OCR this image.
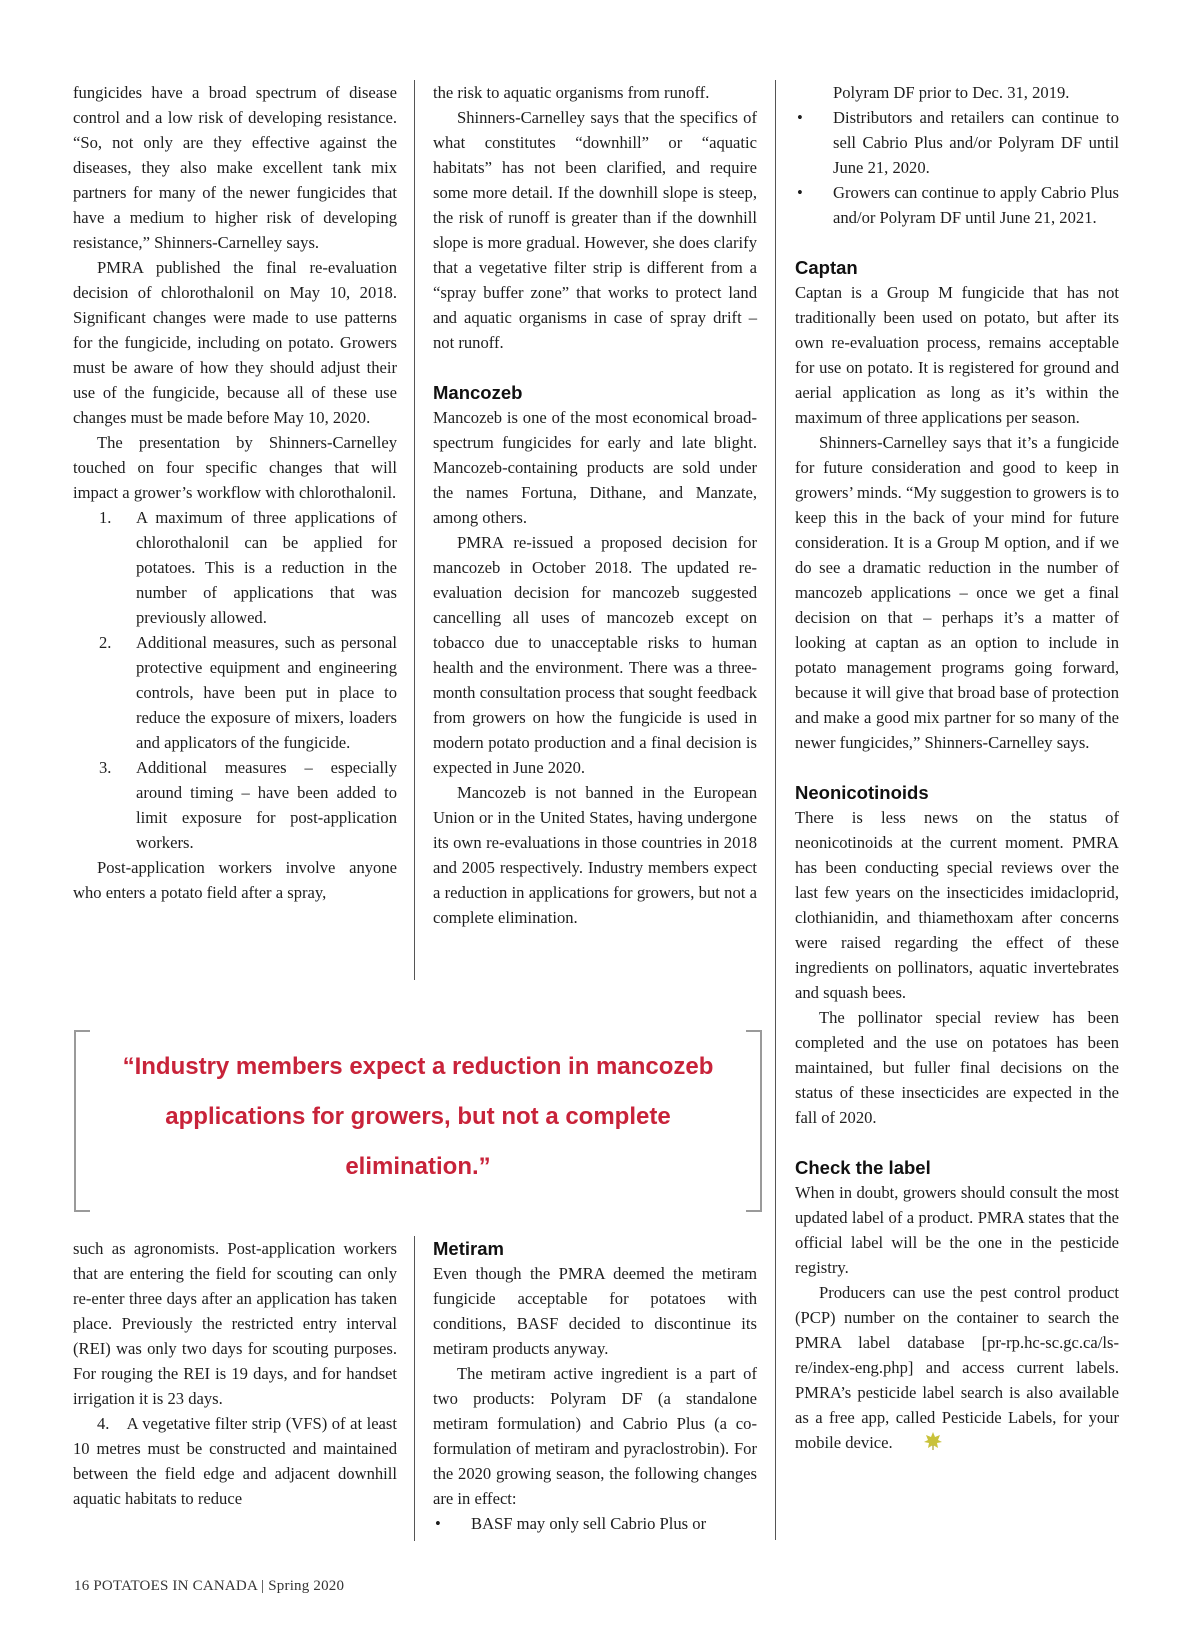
fungicides have a broad spectrum of disease control and a low risk of developing resistance. “So, not only are they effective against the diseases, they also make excellent tank mix partners for many of the newer fungicides that have a medium to higher risk of developing resistance,” Shinners-Carnelley says.

PMRA published the final re-evaluation decision of chlorothalonil on May 10, 2018. Significant changes were made to use patterns for the fungicide, including on potato. Growers must be aware of how they should adjust their use of the fungicide, because all of these use changes must be made before May 10, 2020.

The presentation by Shinners-Carnelley touched on four specific changes that will impact a grower’s workflow with chlorothalonil.

1. A maximum of three applications of chlorothalonil can be applied for potatoes. This is a reduction in the number of applications that was previously allowed.
2. Additional measures, such as personal protective equipment and engineering controls, have been put in place to reduce the exposure of mixers, loaders and applicators of the fungicide.
3. Additional measures – especially around timing – have been added to limit exposure for post-application workers.

Post-application workers involve anyone who enters a potato field after a spray,

the risk to aquatic organisms from runoff.

Shinners-Carnelley says that the specifics of what constitutes “downhill” or “aquatic habitats” has not been clarified, and require some more detail. If the downhill slope is steep, the risk of runoff is greater than if the downhill slope is more gradual. However, she does clarify that a vegetative filter strip is different from a “spray buffer zone” that works to protect land and aquatic organisms in case of spray drift – not runoff.

Mancozeb

Mancozeb is one of the most economical broad-spectrum fungicides for early and late blight. Mancozeb-containing products are sold under the names Fortuna, Dithane, and Manzate, among others.

PMRA re-issued a proposed decision for mancozeb in October 2018. The updated re-evaluation decision for mancozeb suggested cancelling all uses of mancozeb except on tobacco due to unacceptable risks to human health and the environment. There was a three-month consultation process that sought feedback from growers on how the fungicide is used in modern potato production and a final decision is expected in June 2020.

Mancozeb is not banned in the European Union or in the United States, having undergone its own re-evaluations in those countries in 2018 and 2005 respectively. Industry members expect a reduction in applications for growers, but not a complete elimination.

“Industry members expect a reduction in mancozeb applications for growers, but not a complete elimination.”

such as agronomists. Post-application workers that are entering the field for scouting can only re-enter three days after an application has taken place. Previously the restricted entry interval (REI) was only two days for scouting purposes. For rouging the REI is 19 days, and for handset irrigation it is 23 days.

4. A vegetative filter strip (VFS) of at least 10 metres must be constructed and maintained between the field edge and adjacent downhill aquatic habitats to reduce

Metiram

Even though the PMRA deemed the metiram fungicide acceptable for potatoes with conditions, BASF decided to discontinue its metiram products anyway.

The metiram active ingredient is a part of two products: Polyram DF (a standalone metiram formulation) and Cabrio Plus (a co-formulation of metiram and pyraclostrobin). For the 2020 growing season, the following changes are in effect:

• BASF may only sell Cabrio Plus or

Polyram DF prior to Dec. 31, 2019.

• Distributors and retailers can continue to sell Cabrio Plus and/or Polyram DF until June 21, 2020.
• Growers can continue to apply Cabrio Plus and/or Polyram DF until June 21, 2021.
Captan

Captan is a Group M fungicide that has not traditionally been used on potato, but after its own re-evaluation process, remains acceptable for use on potato. It is registered for ground and aerial application as long as it’s within the maximum of three applications per season.

Shinners-Carnelley says that it’s a fungicide for future consideration and good to keep in growers’ minds. “My suggestion to growers is to keep this in the back of your mind for future consideration. It is a Group M option, and if we do see a dramatic reduction in the number of mancozeb applications – once we get a final decision on that – perhaps it’s a matter of looking at captan as an option to include in potato management programs going forward, because it will give that broad base of protection and make a good mix partner for so many of the newer fungicides,” Shinners-Carnelley says.

Neonicotinoids

There is less news on the status of neonicotinoids at the current moment. PMRA has been conducting special reviews over the last few years on the insecticides imidacloprid, clothianidin, and thiamethoxam after concerns were raised regarding the effect of these ingredients on pollinators, aquatic invertebrates and squash bees.

The pollinator special review has been completed and the use on potatoes has been maintained, but fuller final decisions on the status of these insecticides are expected in the fall of 2020.

Check the label

When in doubt, growers should consult the most updated label of a product. PMRA states that the official label will be the one in the pesticide registry.

Producers can use the pest control product (PCP) number on the container to search the PMRA label database [pr-rp.hc-sc.gc.ca/ls-re/index-eng.php] and access current labels. PMRA’s pesticide label search is also available as a free app, called Pesticide Labels, for your mobile device.

16 POTATOES IN CANADA | Spring 2020
